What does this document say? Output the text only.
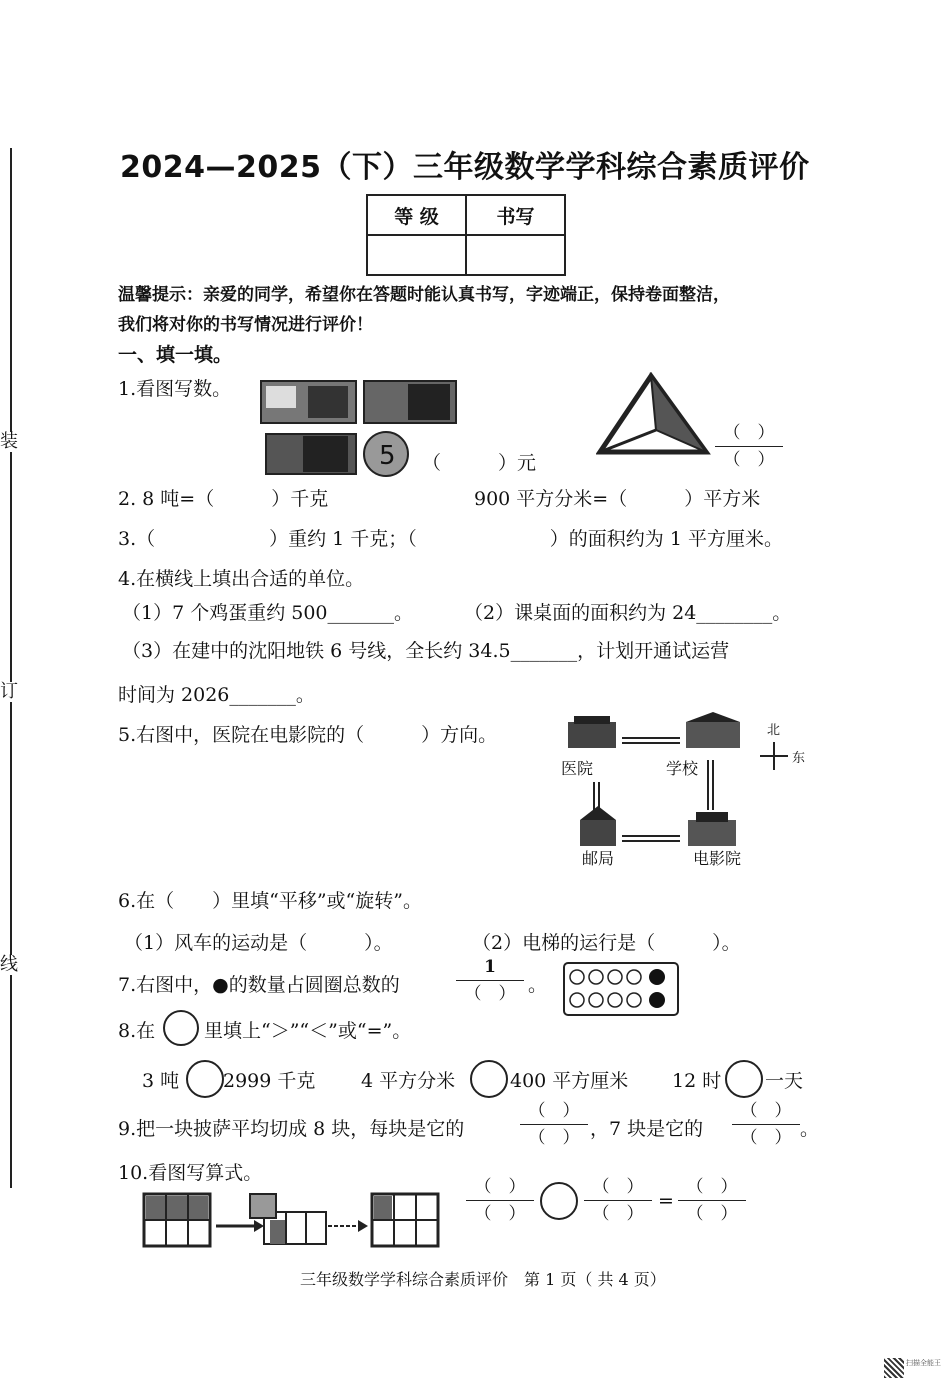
装
订
线
2024—2025（下）三年级数学学科综合素质评价
等 级	书写

温馨提示：亲爱的同学，希望你在答题时能认真书写，字迹端正，保持卷面整洁，
我们将对你的书写情况进行评价！
一、填一填。
1.看图写数。
5 （　　　）元
（　）
（　）
2. 8 吨=（　　　）千克	900 平方分米=（　　　）平方米
3.（　　　　　　）重约 1 千克；（　　　　　　　）的面积约为 1 平方厘米。
4.在横线上填出合适的单位。
（1）7 个鸡蛋重约 500_______。	（2）课桌面的面积约为 24________。
（3）在建中的沈阳地铁 6 号线，全长约 34.5_______，计划开通试运营
时间为 2026_______。
5.右图中，医院在电影院的（　　　）方向。
医院	学校
邮局	电影院
北
东
6.在（　　）里填“平移”或“旋转”。
（1）风车的运动是（　　　）。	（2）电梯的运行是（　　　）。
7.右图中，●的数量占圆圈总数的
1
（　） 。
8.在	里填上“＞”“＜”或“=”。
3 吨 2999 千克 4 平方分米	400 平方厘米 12 时 一天
9.把一块披萨平均切成 8 块，每块是它的
（　）
（　） ，7 块是它的
（　）
（　） 。
10.看图写算式。
（　）
（　）
（　）
（　）
=
（　）
（　）
三年级数学学科综合素质评价　第 1 页（ 共 4 页）
扫描全能王
